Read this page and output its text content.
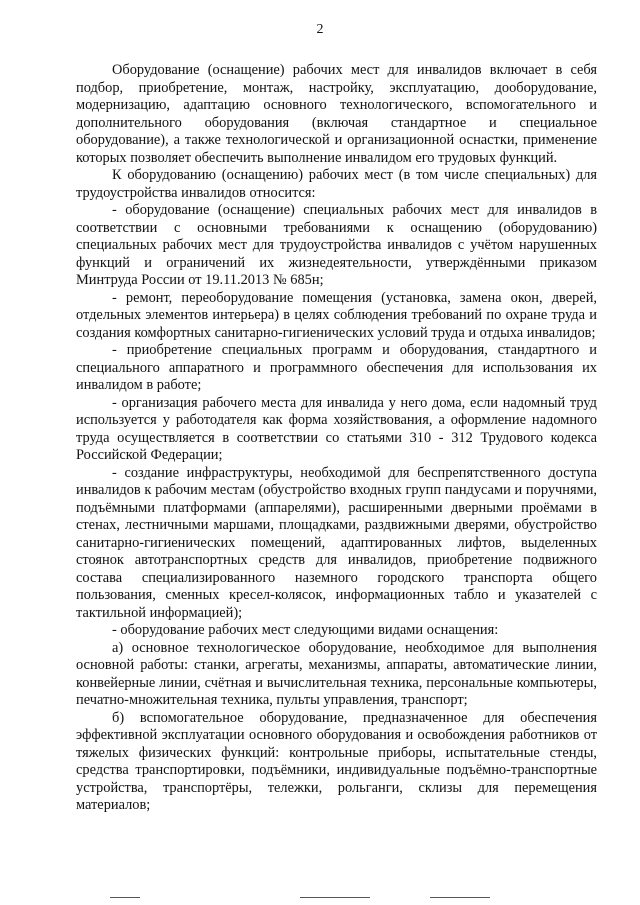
2

Оборудование (оснащение) рабочих мест для инвалидов включает в себя подбор, приобретение, монтаж, настройку, эксплуатацию, дооборудование, модернизацию, адаптацию основного технологического, вспомогательного и дополнительного оборудования (включая стандартное и специальное оборудование), а также технологической и организационной оснастки, применение которых позволяет обеспечить выполнение инвалидом его трудовых функций.

К оборудованию (оснащению) рабочих мест (в том числе специальных) для трудоустройства инвалидов относится:

- оборудование (оснащение) специальных рабочих мест для инвалидов в соответствии с основными требованиями к оснащению (оборудованию) специальных рабочих мест для трудоустройства инвалидов с учётом нарушенных функций и ограничений их жизнедеятельности, утверждёнными приказом Минтруда России от 19.11.2013 № 685н;

- ремонт, переоборудование помещения (установка, замена окон, дверей, отдельных элементов интерьера) в целях соблюдения требований по охране труда и создания комфортных санитарно-гигиенических условий труда и отдыха инвалидов;

- приобретение специальных программ и оборудования, стандартного и специального аппаратного и программного обеспечения для использования их инвалидом в работе;

- организация рабочего места для инвалида у него дома, если надомный труд используется у работодателя как форма хозяйствования, а оформление надомного труда осуществляется в соответствии со статьями 310 - 312 Трудового кодекса Российской Федерации;

- создание инфраструктуры, необходимой для беспрепятственного доступа инвалидов к рабочим местам (обустройство входных групп пандусами и поручнями, подъёмными платформами (аппарелями), расширенными дверными проёмами в стенах, лестничными маршами, площадками, раздвижными дверями, обустройство санитарно-гигиенических помещений, адаптированных лифтов, выделенных стоянок автотранспортных средств для инвалидов, приобретение подвижного состава специализированного наземного городского транспорта общего пользования, сменных кресел-колясок, информационных табло и указателей с тактильной информацией);

- оборудование рабочих мест следующими видами оснащения:

а) основное технологическое оборудование, необходимое для выполнения основной работы: станки, агрегаты, механизмы, аппараты, автоматические линии, конвейерные линии, счётная и вычислительная техника, персональные компьютеры, печатно-множительная техника, пульты управления, транспорт;

б) вспомогательное оборудование, предназначенное для обеспечения эффективной эксплуатации основного оборудования и освобождения работников от тяжелых физических функций: контрольные приборы, испытательные стенды, средства транспортировки, подъёмники, индивидуальные подъёмно-транспортные устройства, транспортёры, тележки, рольганги, склизы для перемещения материалов;
